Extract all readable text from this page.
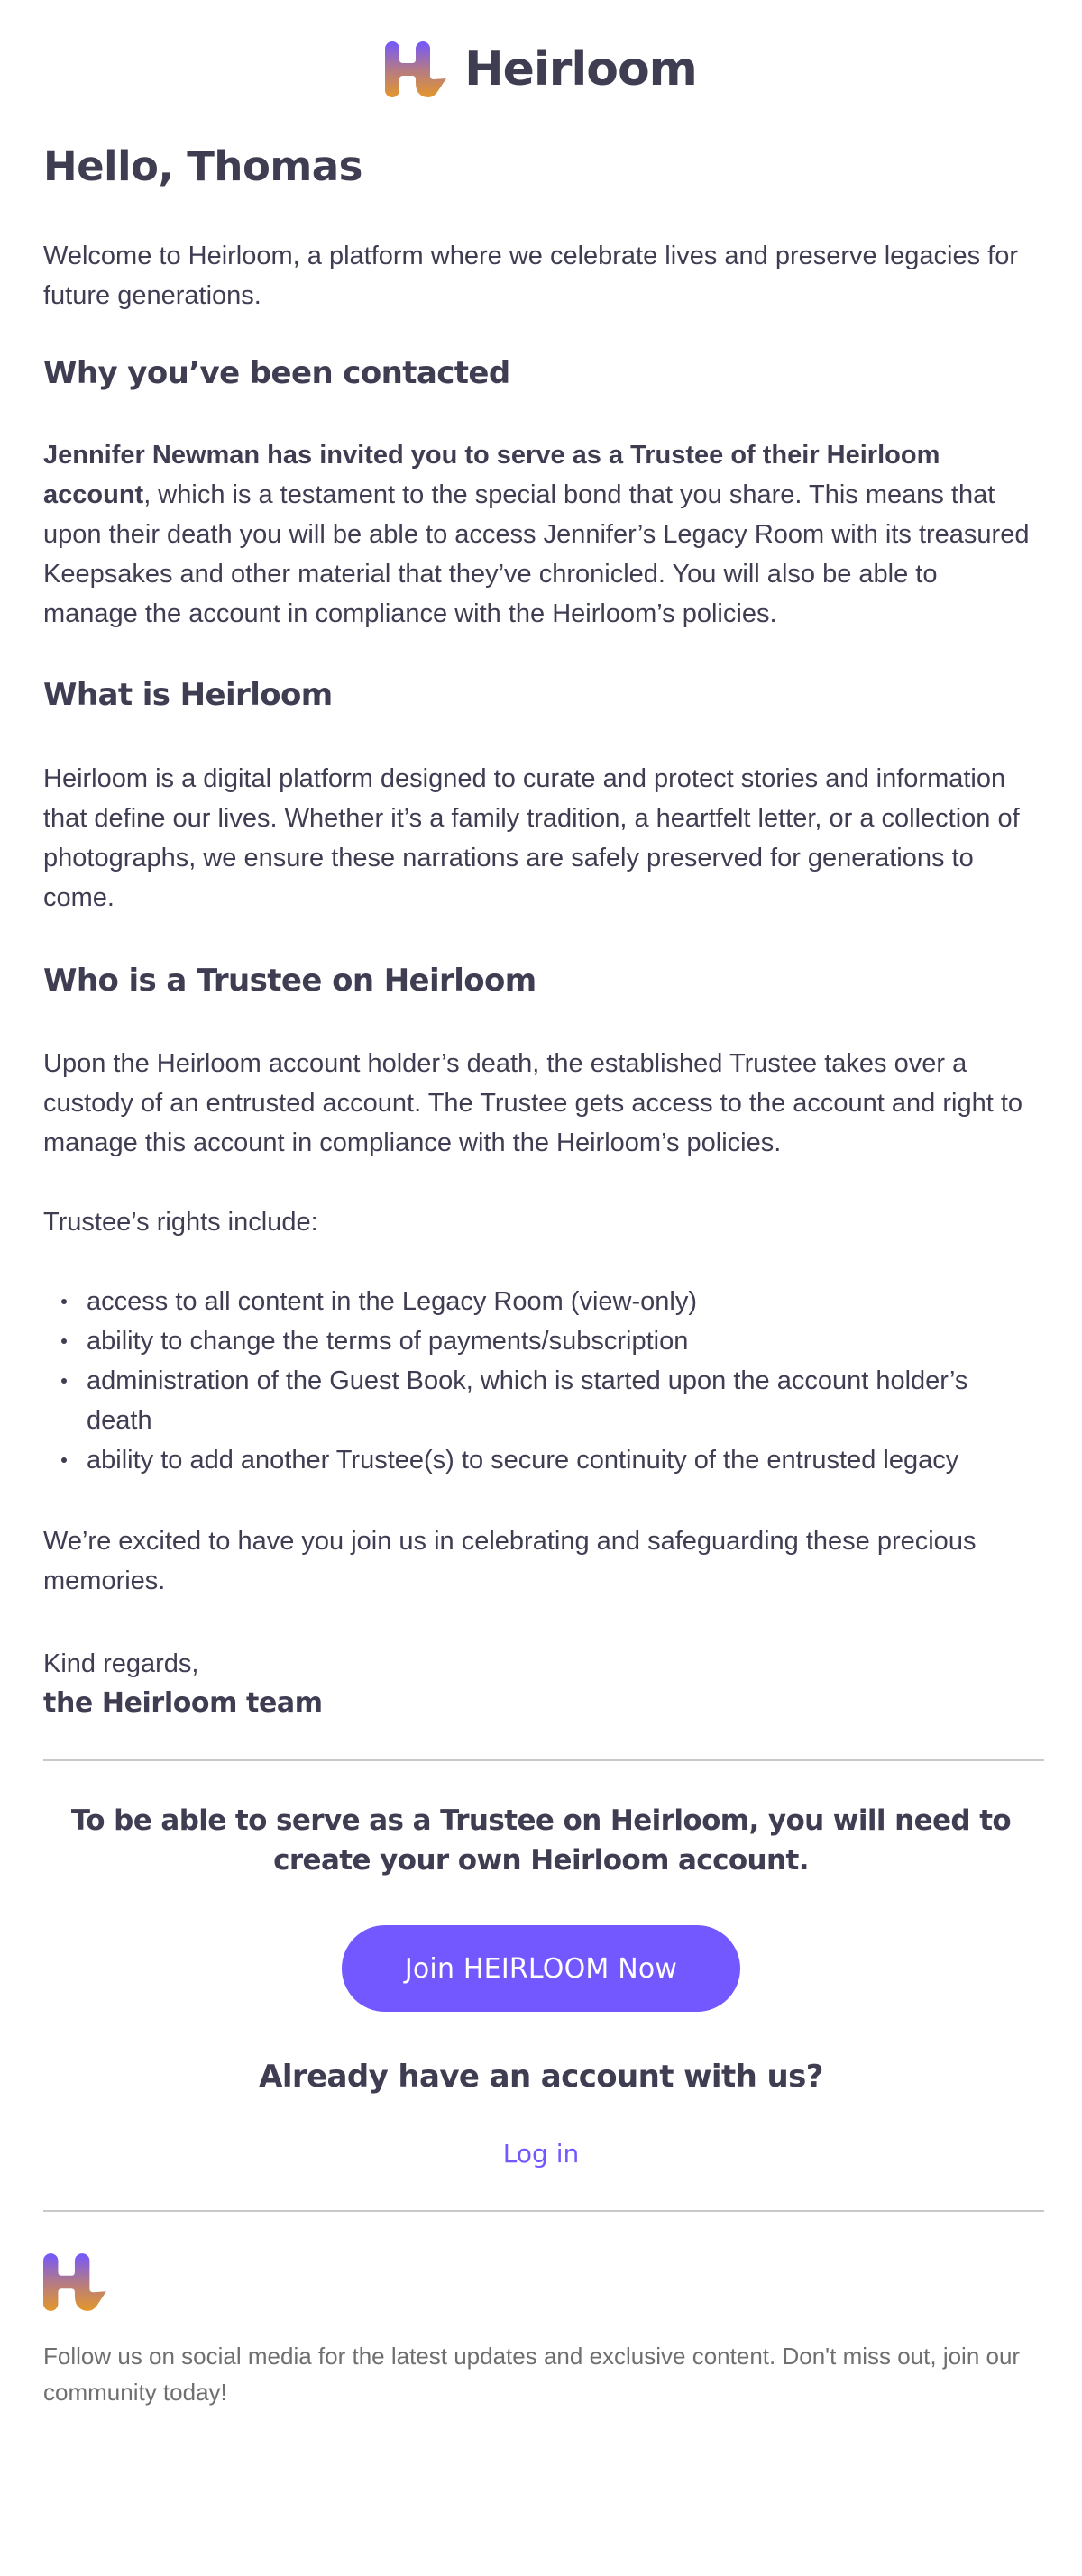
Heirloom
Hello, Thomas

Welcome to Heirloom, a platform where we celebrate lives and preserve legacies for future generations.

Why you’ve been contacted

Jennifer Newman has invited you to serve as a Trustee of their Heirloom account, which is a testament to the special bond that you share. This means that upon their death you will be able to access Jennifer’s Legacy Room with its treasured Keepsakes and other material that they’ve chronicled. You will also be able to manage the account in compliance with the Heirloom’s policies.

What is Heirloom

Heirloom is a digital platform designed to curate and protect stories and information that define our lives. Whether it’s a family tradition, a heartfelt letter, or a collection of photographs, we ensure these narrations are safely preserved for generations to come.

Who is a Trustee on Heirloom

Upon the Heirloom account holder’s death, the established Trustee takes over a custody of an entrusted account. The Trustee gets access to the account and right to manage this account in compliance with the Heirloom’s policies.

Trustee’s rights include:

access to all content in the Legacy Room (view-only)
ability to change the terms of payments/subscription
administration of the Guest Book, which is started upon the account holder’s death
ability to add another Trustee(s) to secure continuity of the entrusted legacy

We’re excited to have you join us in celebrating and safeguarding these precious memories.

Kind regards,

the Heirloom team

To be able to serve as a Trustee on Heirloom, you will need to create your own Heirloom account.

Join HEIRLOOM Now

Already have an account with us?

Log in

Follow us on social media for the latest updates and exclusive content. Don't miss out, join our community today!
